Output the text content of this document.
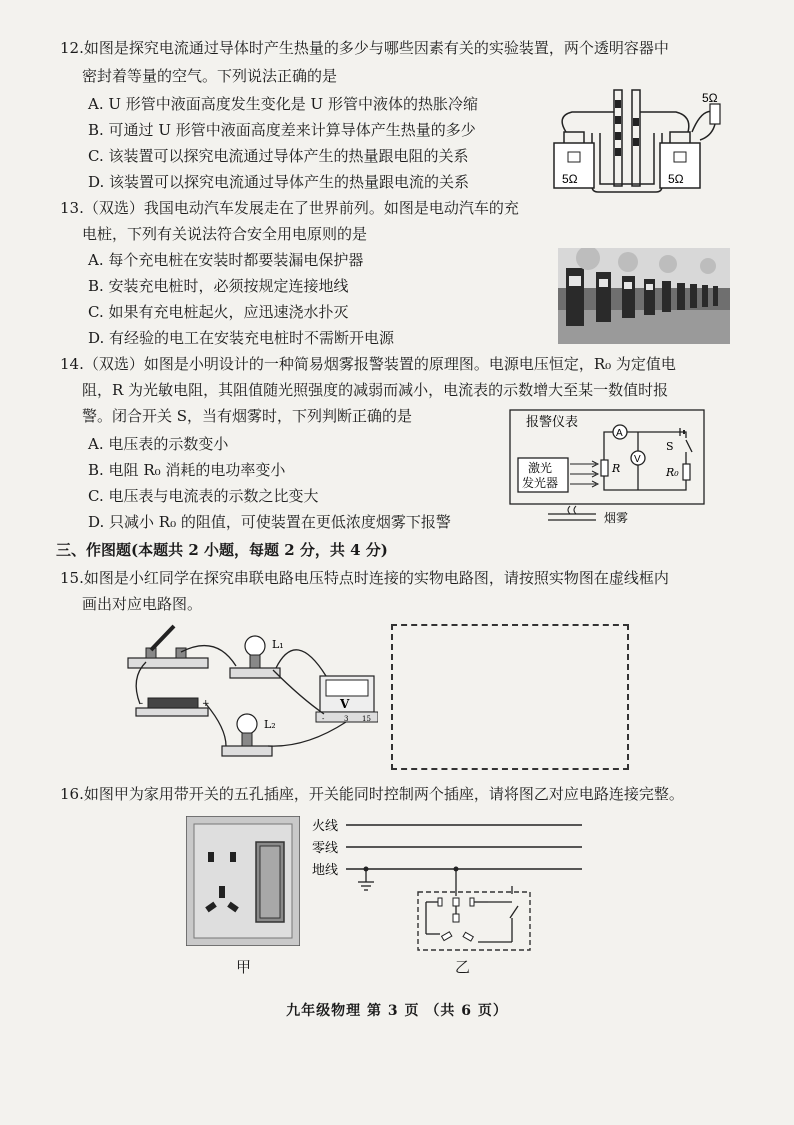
12.如图是探究电流通过导体时产生热量的多少与哪些因素有关的实验装置，两个透明容器中
密封着等量的空气。下列说法正确的是
A. U 形管中液面高度发生变化是 U 形管中液体的热胀冷缩
B. 可通过 U 形管中液面高度差来计算导体产生热量的多少
C. 该装置可以探究电流通过导体产生的热量跟电阻的关系
D. 该装置可以探究电流通过导体产生的热量跟电流的关系	5Ω	5Ω
5Ω
13.（双选）我国电动汽车发展走在了世界前列。如图是电动汽车的充
电桩，下列有关说法符合安全用电原则的是
A. 每个充电桩在安装时都要装漏电保护器
B. 安装充电桩时，必须按规定连接地线
C. 如果有充电桩起火，应迅速浇水扑灭
D. 有经验的电工在安装充电桩时不需断开电源
14.（双选）如图是小明设计的一种简易烟雾报警装置的原理图。电源电压恒定，R₀ 为定值电
阻，R 为光敏电阻，其阻值随光照强度的减弱而减小，电流表的示数增大至某一数值时报
警。闭合开关 S，当有烟雾时，下列判断正确的是
A. 电压表的示数变小
B. 电阻 R₀ 消耗的电功率变小
C. 电压表与电流表的示数之比变大
D. 只减小 R₀ 的阻值，可使装置在更低浓度烟雾下报警
报警仪表
A
V
R	R₀
S
激光
发光器
烟雾
三、作图题(本题共 2 小题，每题 2 分，共 4 分)
15.如图是小红同学在探究串联电路电压特点时连接的实物电路图，请按照实物图在虚线框内
画出对应电路图。
L₁
V
-	3 15
-	+
L₂
16.如图甲为家用带开关的五孔插座，开关能同时控制两个插座，请将图乙对应电路连接完整。
甲
火线
零线
地线
乙
九年级物理 第 3 页 （共 6 页）
